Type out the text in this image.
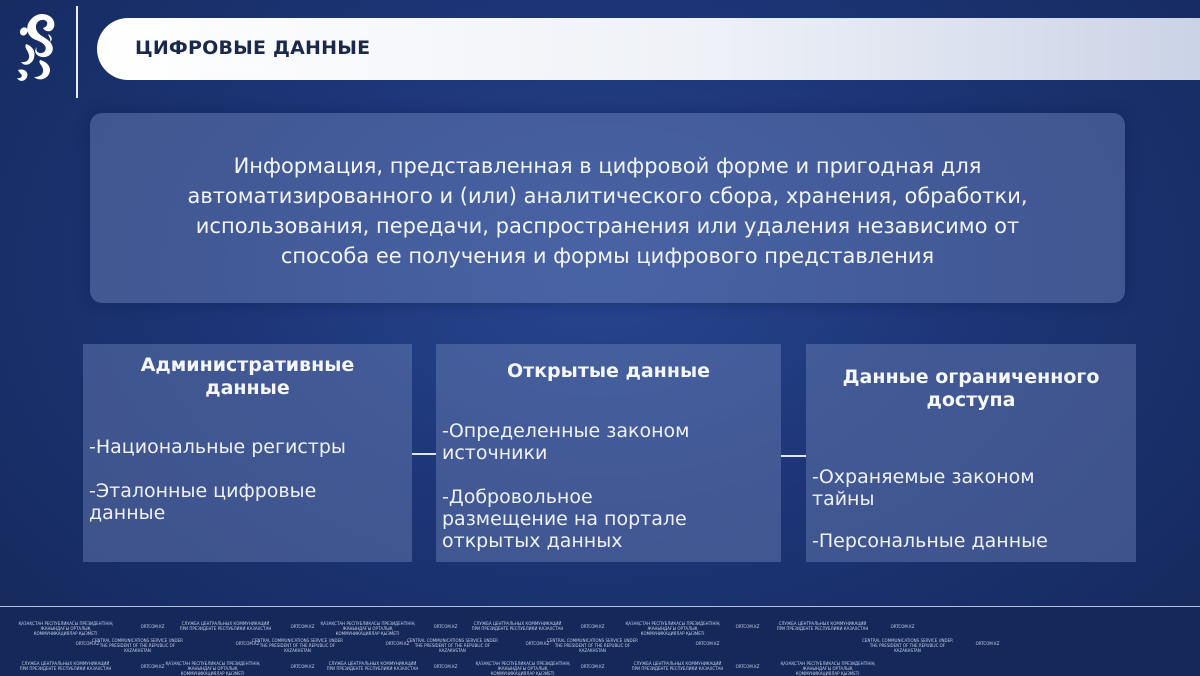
ЦИФРОВЫЕ ДАННЫЕ
Информация, представленная в цифровой форме и пригодная для
автоматизированного и (или) аналитического сбора, хранения, обработки,
использования, передачи, распространения или удаления независимо от
способа ее получения и формы цифрового представления
Административные
данные
-Национальные регистры
-Эталонные цифровые
данные
Открытые данные
-Определенные законом
источники
-Добровольное
размещение на портале
открытых данных
Данные ограниченного
доступа
-Охраняемые законом
тайны
-Персональные данные
ҚАЗАҚСТАН РЕСПУБЛИКАСЫ ПРЕЗИДЕНТІНІҢ ЖАНЫНДАҒЫ ОРТАЛЫҚ КОММУНИКАЦИЯЛАР ҚЫЗМЕТІ
ORTCOM.KZ
СЛУЖБА ЦЕНТРАЛЬНЫХ КОММУНИКАЦИЙ ПРИ ПРЕЗИДЕНТЕ РЕСПУБЛИКИ КАЗАХСТАН	ORTCOM.KZ
ҚАЗАҚСТАН РЕСПУБЛИКАСЫ ПРЕЗИДЕНТІНІҢ ЖАНЫНДАҒЫ ОРТАЛЫҚ КОММУНИКАЦИЯЛАР ҚЫЗМЕТІ
ORTCOM.KZ
СЛУЖБА ЦЕНТРАЛЬНЫХ КОММУНИКАЦИЙ ПРИ ПРЕЗИДЕНТЕ РЕСПУБЛИКИ КАЗАХСТАН	ORTCOM.KZ
ҚАЗАҚСТАН РЕСПУБЛИКАСЫ ПРЕЗИДЕНТІНІҢ ЖАНЫНДАҒЫ ОРТАЛЫҚ КОММУНИКАЦИЯЛАР ҚЫЗМЕТІ
ORTCOM.KZ
СЛУЖБА ЦЕНТРАЛЬНЫХ КОММУНИКАЦИЙ ПРИ ПРЕЗИДЕНТЕ РЕСПУБЛИКИ КАЗАХСТАН	ORTCOM.KZ
ORTCOM.KZ
CENTRAL COMMUNICATIONS SERVICE UNDER THE PRESIDENT OF THE REPUBLIC OF KAZAKHSTAN
ORTCOM.KZ
CENTRAL COMMUNICATIONS SERVICE UNDER THE PRESIDENT OF THE REPUBLIC OF KAZAKHSTAN
ORTCOM.KZ
CENTRAL COMMUNICATIONS SERVICE UNDER THE PRESIDENT OF THE REPUBLIC OF KAZAKHSTAN
ORTCOM.KZ
CENTRAL COMMUNICATIONS SERVICE UNDER THE PRESIDENT OF THE REPUBLIC OF KAZAKHSTAN
ORTCOM.KZ
CENTRAL COMMUNICATIONS SERVICE UNDER THE PRESIDENT OF THE REPUBLIC OF KAZAKHSTAN
ORTCOM.KZ
СЛУЖБА ЦЕНТРАЛЬНЫХ КОММУНИКАЦИЙ ПРИ ПРЕЗИДЕНТЕ РЕСПУБЛИКИ КАЗАХСТАН	ORTCOM.KZ
ҚАЗАҚСТАН РЕСПУБЛИКАСЫ ПРЕЗИДЕНТІНІҢ ЖАНЫНДАҒЫ ОРТАЛЫҚ КОММУНИКАЦИЯЛАР ҚЫЗМЕТІ
ORTCOM.KZ
СЛУЖБА ЦЕНТРАЛЬНЫХ КОММУНИКАЦИЙ ПРИ ПРЕЗИДЕНТЕ РЕСПУБЛИКИ КАЗАХСТАН	ORTCOM.KZ
ҚАЗАҚСТАН РЕСПУБЛИКАСЫ ПРЕЗИДЕНТІНІҢ ЖАНЫНДАҒЫ ОРТАЛЫҚ КОММУНИКАЦИЯЛАР ҚЫЗМЕТІ
ORTCOM.KZ
СЛУЖБА ЦЕНТРАЛЬНЫХ КОММУНИКАЦИЙ ПРИ ПРЕЗИДЕНТЕ РЕСПУБЛИКИ КАЗАХСТАН	ORTCOM.KZ
ҚАЗАҚСТАН РЕСПУБЛИКАСЫ ПРЕЗИДЕНТІНІҢ ЖАНЫНДАҒЫ ОРТАЛЫҚ КОММУНИКАЦИЯЛАР ҚЫЗМЕТІ
